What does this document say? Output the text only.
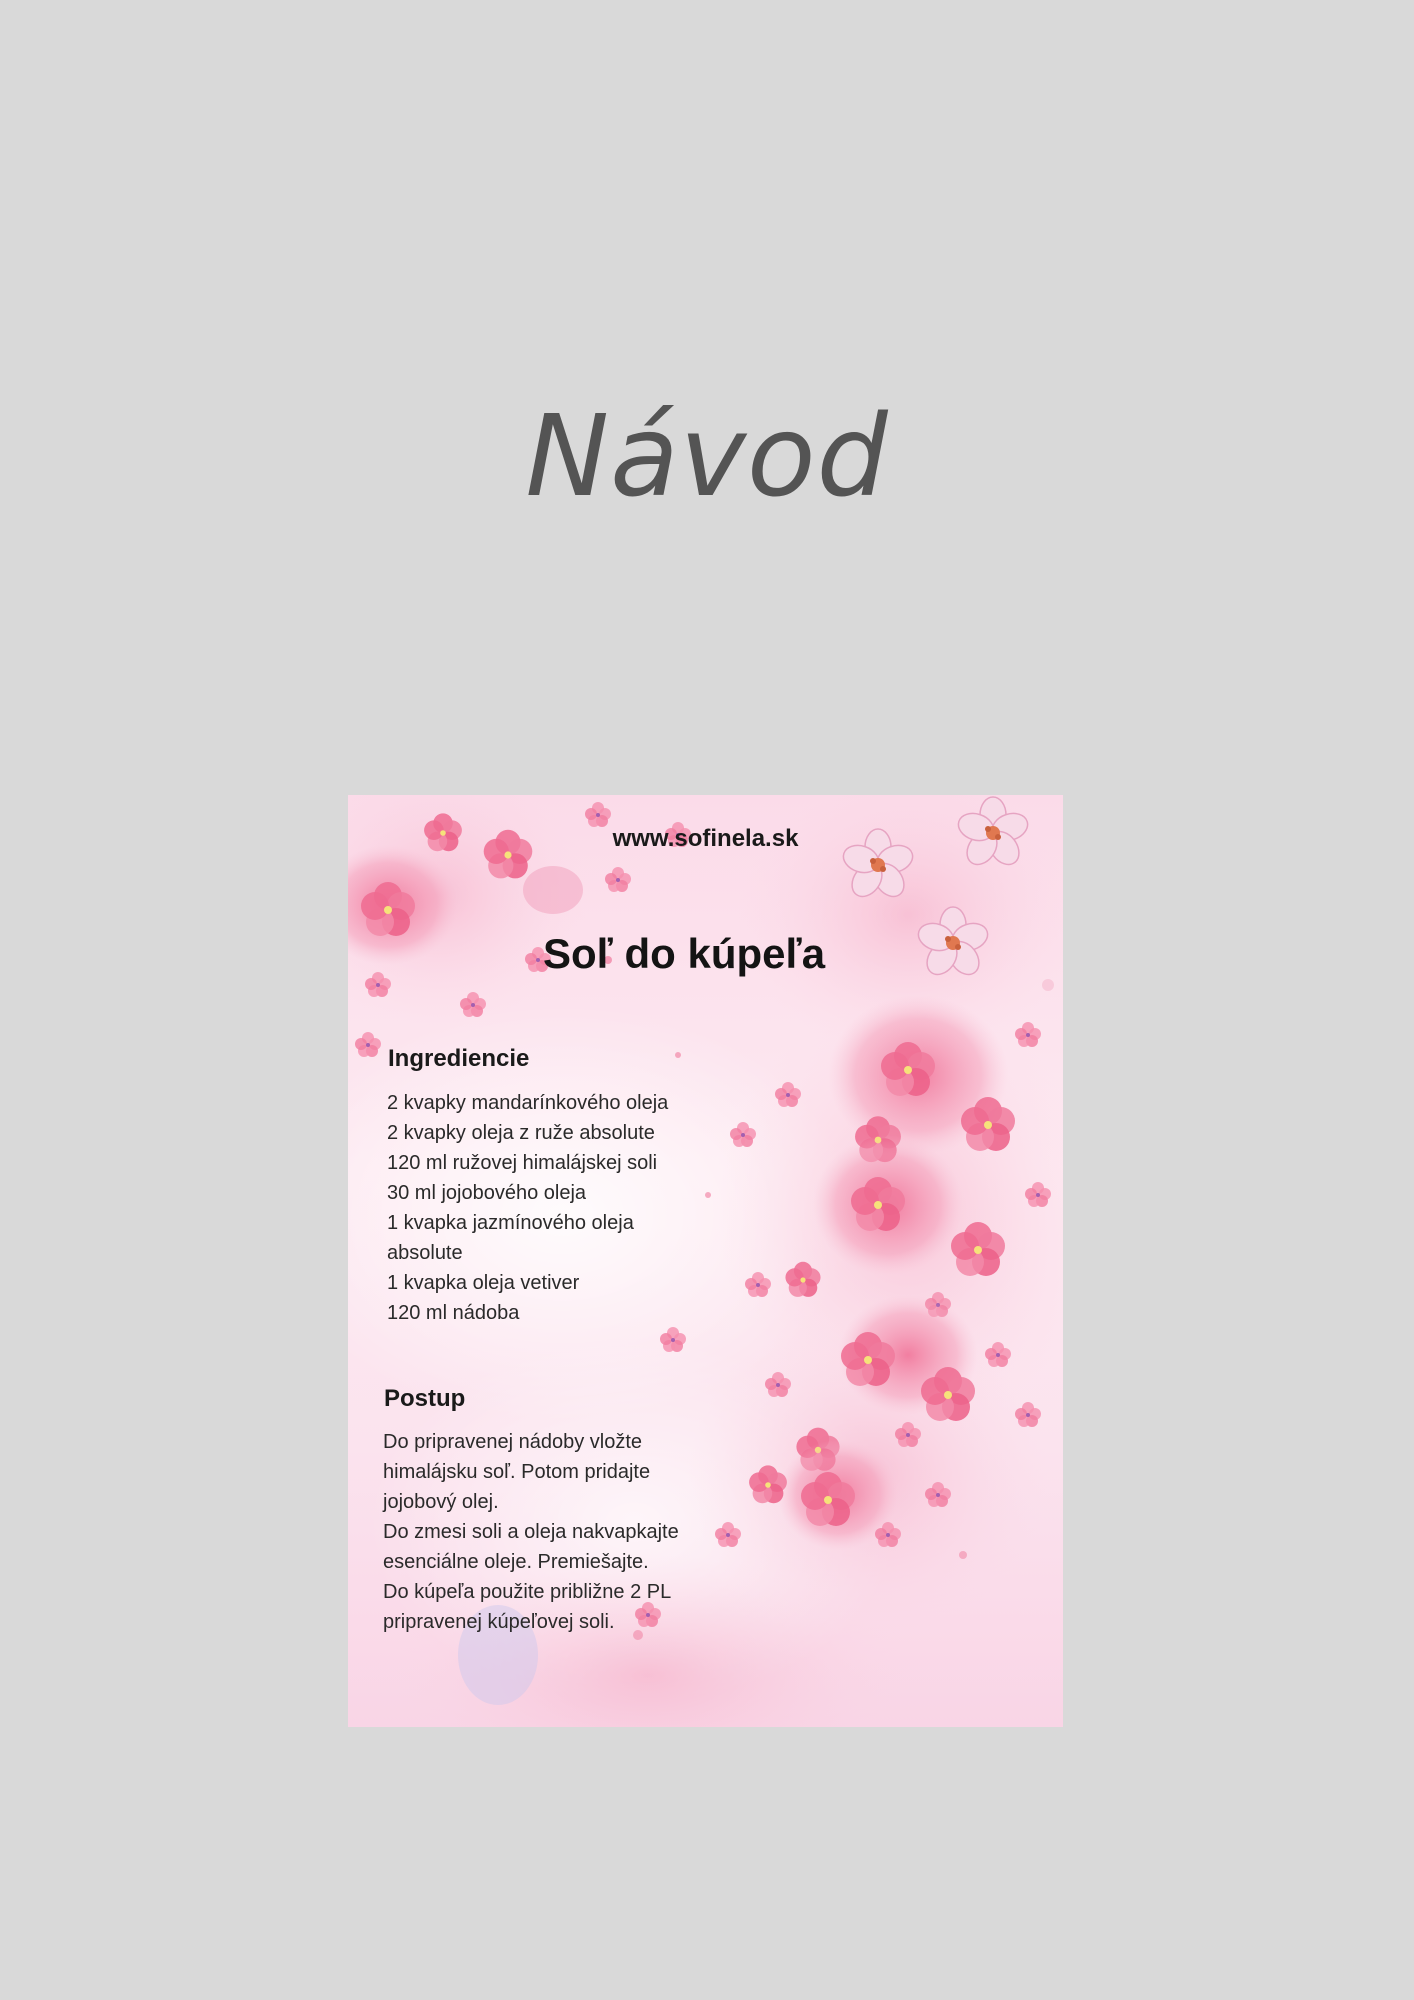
Návod
www.sofinela.sk
Soľ do kúpeľa
Ingrediencie
2 kvapky mandarínkového oleja
2 kvapky oleja z ruže absolute
120 ml ružovej himalájskej soli
30 ml jojobového oleja
1 kvapka jazmínového oleja
absolute
1 kvapka oleja vetiver
120 ml nádoba
Postup
Do pripravenej nádoby vložte
himalájsku soľ. Potom pridajte
jojobový olej.
Do zmesi soli a oleja nakvapkajte
esenciálne oleje. Premiešajte.
Do kúpeľa použite približne 2 PL
pripravenej kúpeľovej soli.
